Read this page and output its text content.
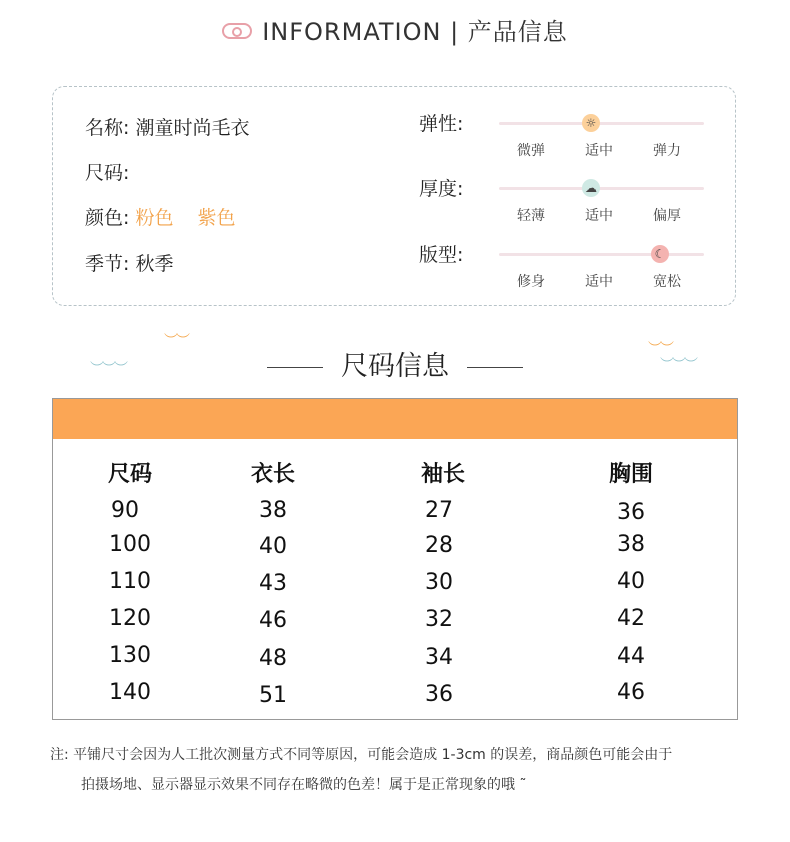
INFORMATION | 产品信息
名称: 潮童时尚毛衣
尺码:
颜色: 粉色 紫色
季节: 秋季
弹性:	☼
微弹	适中	弹力
厚度:	☁
轻薄	适中	偏厚
版型:	☾
修身	适中	宽松
︶︶
︶︶︶
︶︶
︶︶︶
尺码信息
尺码	衣长	袖长	胸围
90	38	27	36
100	40	28	38
110	43	30	40
120	46	32	42
130	48	34	44
140	51	36	46
注: 平铺尺寸会因为人工批次测量方式不同等原因，可能会造成 1-3cm 的误差，商品颜色可能会由于
拍摄场地、显示器显示效果不同存在略微的色差！属于是正常现象的哦 ˜
